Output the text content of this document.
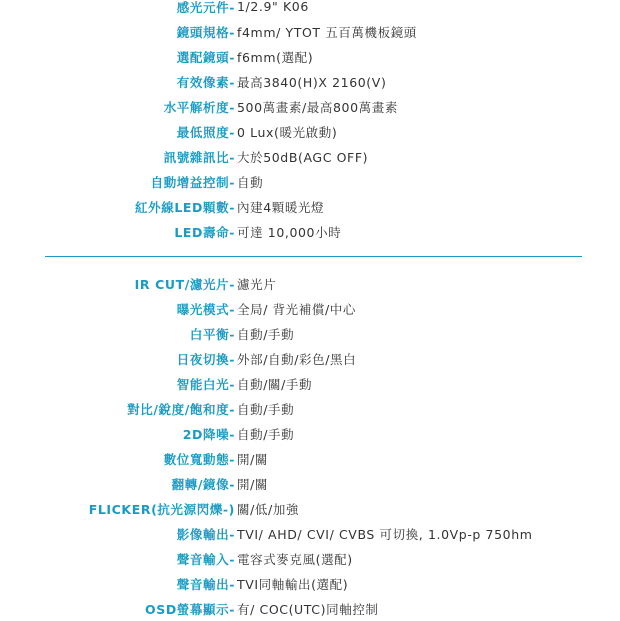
感光元件- 1/2.9" K06
鏡頭規格- f4mm/ YTOT 五百萬機板鏡頭
選配鏡頭- f6mm(選配)
有效像素- 最高3840(H)X 2160(V)
水平解析度- 500萬畫素/最高800萬畫素
最低照度- 0 Lux(暖光啟動)
訊號雜訊比- 大於50dB(AGC OFF)
自動增益控制- 自動
紅外線LED顆數- 內建4顆暖光燈
LED壽命- 可達 10,000小時
IR CUT/濾光片- 濾光片
曝光模式- 全局/ 背光補償/中心
白平衡- 自動/手動
日夜切換- 外部/自動/彩色/黑白
智能白光- 自動/關/手動
對比/銳度/飽和度- 自動/手動
2D降噪- 自動/手動
數位寬動態- 開/關
翻轉/鏡像- 開/關
FLICKER(抗光源閃爍-) 關/低/加強
影像輸出- TVI/ AHD/ CVI/ CVBS 可切換, 1.0Vp-p 750hm
聲音輸入- 電容式麥克風(選配)
聲音輸出- TVI同軸輸出(選配)
OSD螢幕顯示- 有/ COC(UTC)同軸控制
